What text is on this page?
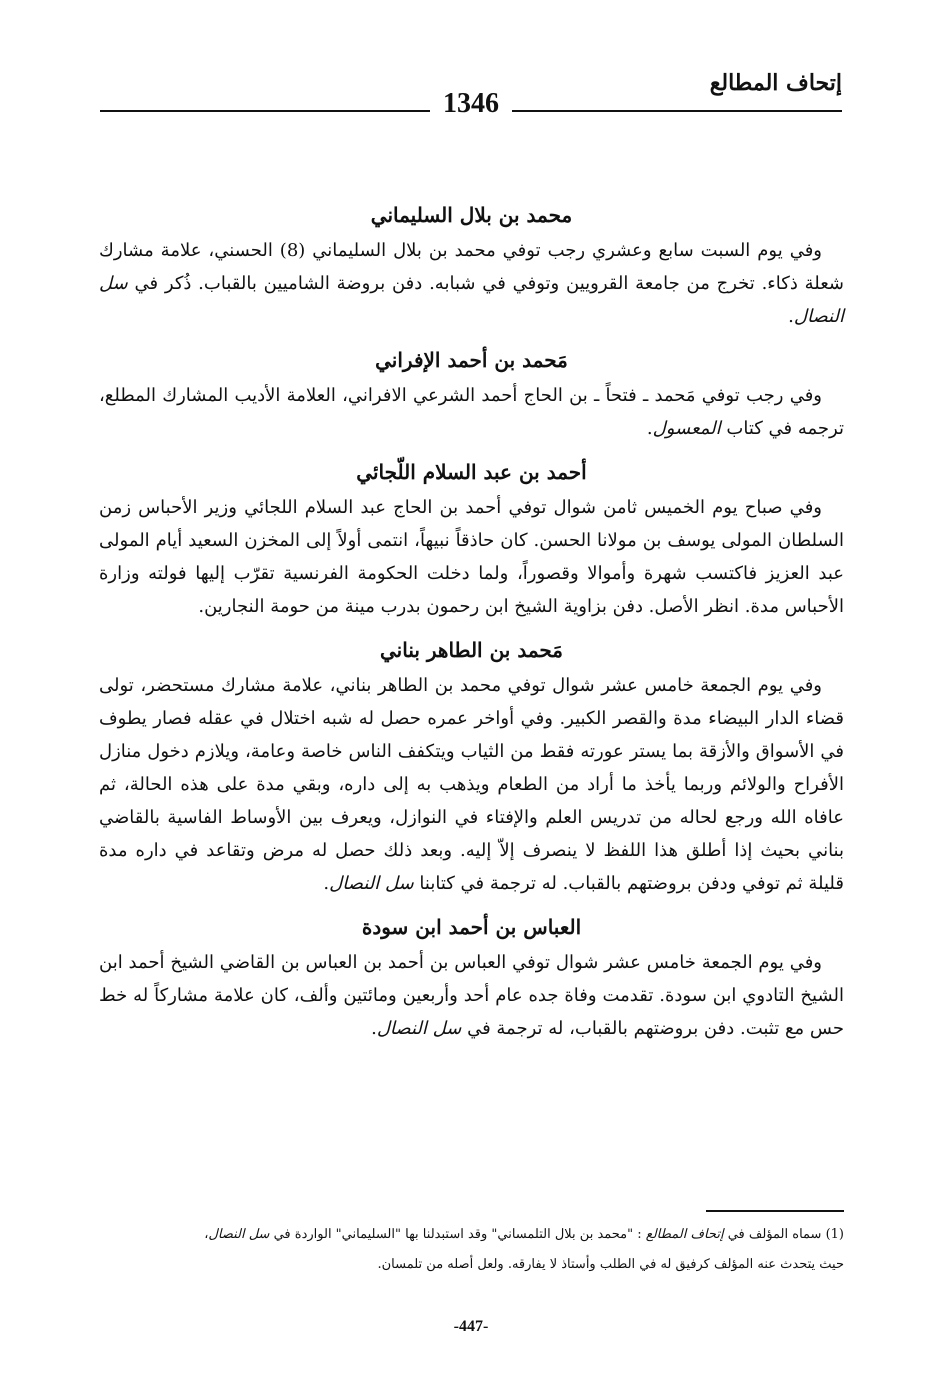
إتحاف المطالع
1346
محمد بن بلال السليماني

وفي يوم السبت سابع وعشري رجب توفي محمد بن بلال السليماني (8) الحسني، علامة مشارك شعلة ذكاء. تخرج من جامعة القرويين وتوفي في شبابه. دفن بروضة الشاميين بالقباب. ذُكر في سل النصال.

مَحمد بن أحمد الإفراني

وفي رجب توفي مَحمد ـ فتحاً ـ بن الحاج أحمد الشرعي الافراني، العلامة الأديب المشارك المطلع، ترجمه في كتاب المعسول.

أحمد بن عبد السلام اللّجائي

وفي صباح يوم الخميس ثامن شوال توفي أحمد بن الحاج عبد السلام اللجائي وزير الأحباس زمن السلطان المولى يوسف بن مولانا الحسن. كان حاذقاً نبيهاً، انتمى أولاً إلى المخزن السعيد أيام المولى عبد العزيز فاكتسب شهرة وأموالا وقصوراً، ولما دخلت الحكومة الفرنسية تقرّب إليها فولته وزارة الأحباس مدة. انظر الأصل. دفن بزاوية الشيخ ابن رحمون بدرب مينة من حومة النجارين.

مَحمد بن الطاهر بناني

وفي يوم الجمعة خامس عشر شوال توفي محمد بن الطاهر بناني، علامة مشارك مستحضر، تولى قضاء الدار البيضاء مدة والقصر الكبير. وفي أواخر عمره حصل له شبه اختلال في عقله فصار يطوف في الأسواق والأزقة بما يستر عورته فقط من الثياب ويتكفف الناس خاصة وعامة، ويلازم دخول منازل الأفراح والولائم وربما يأخذ ما أراد من الطعام ويذهب به إلى داره، وبقي مدة على هذه الحالة، ثم عافاه الله ورجع لحاله من تدريس العلم والإفتاء في النوازل، ويعرف بين الأوساط الفاسية بالقاضي بناني بحيث إذا أطلق هذا اللفظ لا ينصرف إلاّ إليه. وبعد ذلك حصل له مرض وتقاعد في داره مدة قليلة ثم توفي ودفن بروضتهم بالقباب. له ترجمة في كتابنا سل النصال.

العباس بن أحمد ابن سودة

وفي يوم الجمعة خامس عشر شوال توفي العباس بن أحمد بن العباس بن القاضي الشيخ أحمد ابن الشيخ التادوي ابن سودة. تقدمت وفاة جده عام أحد وأربعين ومائتين وألف، كان علامة مشاركاً له خط حس مع تثبت. دفن بروضتهم بالقباب، له ترجمة في سل النصال.

(1) سماه المؤلف في إتحاف المطالع : "محمد بن بلال التلمساني" وقد استبدلنا بها "السليماني" الواردة في سل النصال،

حيث يتحدث عنه المؤلف كرفيق له في الطلب وأستاذ لا يفارقه. ولعل أصله من تلمسان.

-447-
